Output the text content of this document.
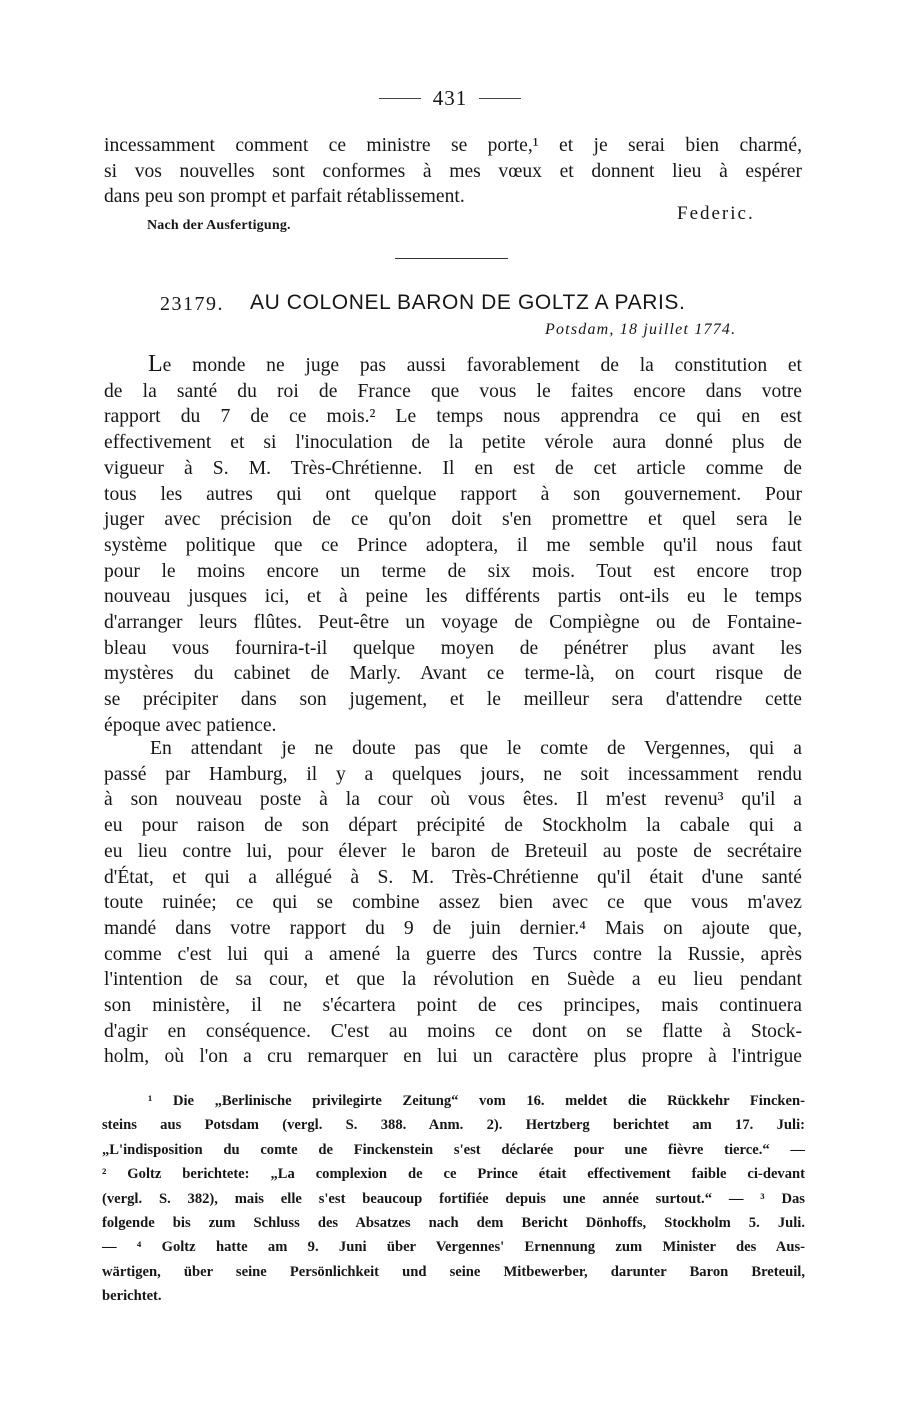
431
incessamment comment ce ministre se porte,¹ et je serai bien charmé,
si vos nouvelles sont conformes à mes vœux et donnent lieu à espérer
dans peu son prompt et parfait rétablissement.
Federic.
Nach der Ausfertigung.
23179. AU COLONEL BARON DE GOLTZ A PARIS.
Potsdam, 18 juillet 1774.
Le monde ne juge pas aussi favorablement de la constitution et
de la santé du roi de France que vous le faites encore dans votre
rapport du 7 de ce mois.² Le temps nous apprendra ce qui en est
effectivement et si l'inoculation de la petite vérole aura donné plus de
vigueur à S. M. Très-Chrétienne. Il en est de cet article comme de
tous les autres qui ont quelque rapport à son gouvernement. Pour
juger avec précision de ce qu'on doit s'en promettre et quel sera le
système politique que ce Prince adoptera, il me semble qu'il nous faut
pour le moins encore un terme de six mois. Tout est encore trop
nouveau jusques ici, et à peine les différents partis ont-ils eu le temps
d'arranger leurs flûtes. Peut-être un voyage de Compiègne ou de Fontaine-
bleau vous fournira-t-il quelque moyen de pénétrer plus avant les
mystères du cabinet de Marly. Avant ce terme-là, on court risque de
se précipiter dans son jugement, et le meilleur sera d'attendre cette
époque avec patience.
En attendant je ne doute pas que le comte de Vergennes, qui a
passé par Hamburg, il y a quelques jours, ne soit incessamment rendu
à son nouveau poste à la cour où vous êtes. Il m'est revenu³ qu'il a
eu pour raison de son départ précipité de Stockholm la cabale qui a
eu lieu contre lui, pour élever le baron de Breteuil au poste de secrétaire
d'État, et qui a allégué à S. M. Très-Chrétienne qu'il était d'une santé
toute ruinée; ce qui se combine assez bien avec ce que vous m'avez
mandé dans votre rapport du 9 de juin dernier.⁴ Mais on ajoute que,
comme c'est lui qui a amené la guerre des Turcs contre la Russie, après
l'intention de sa cour, et que la révolution en Suède a eu lieu pendant
son ministère, il ne s'écartera point de ces principes, mais continuera
d'agir en conséquence. C'est au moins ce dont on se flatte à Stock-
holm, où l'on a cru remarquer en lui un caractère plus propre à l'intrigue
¹ Die „Berlinische privilegirte Zeitung“ vom 16. meldet die Rückkehr Fincken-
steins aus Potsdam (vergl. S. 388. Anm. 2). Hertzberg berichtet am 17. Juli:
„L'indisposition du comte de Finckenstein s'est déclarée pour une fièvre tierce.“ —
² Goltz berichtete: „La complexion de ce Prince était effectivement faible ci-devant
(vergl. S. 382), mais elle s'est beaucoup fortifiée depuis une année surtout.“ — ³ Das
folgende bis zum Schluss des Absatzes nach dem Bericht Dönhoffs, Stockholm 5. Juli.
— ⁴ Goltz hatte am 9. Juni über Vergennes' Ernennung zum Minister des Aus-
wärtigen, über seine Persönlichkeit und seine Mitbewerber, darunter Baron Breteuil,
berichtet.
